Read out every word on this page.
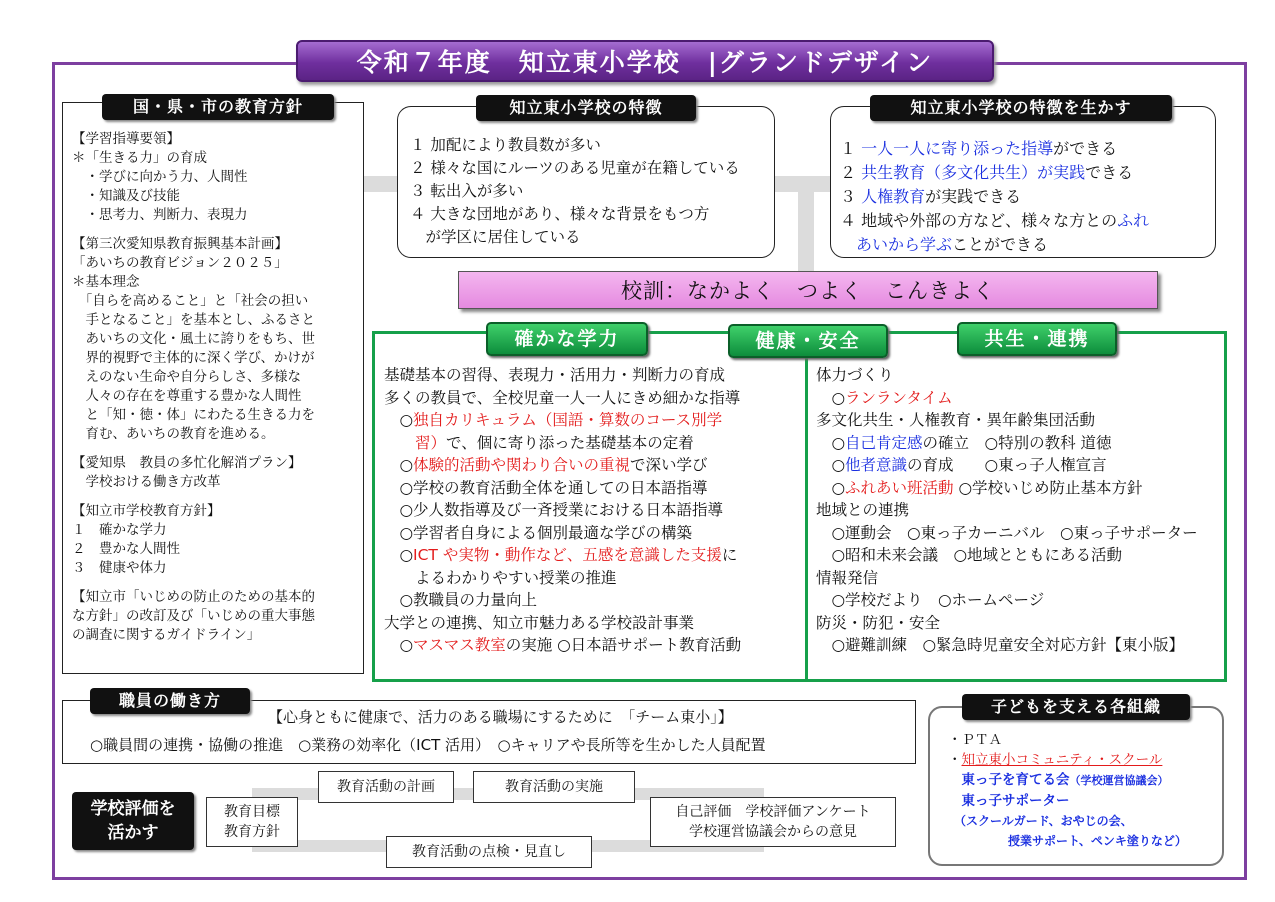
令和７年度　知立東小学校　|グランドデザイン
国・県・市の教育方針
【学習指導要領】
＊「生きる力」の育成
　・学びに向かう力、人間性
　・知識及び技能
　・思考力、判断力、表現力
【第三次愛知県教育振興基本計画】
「あいちの教育ビジョン２０２５」
＊基本理念
　「自らを高めること」と「社会の担い
　手となること」を基本とし、ふるさと
　あいちの文化・風土に誇りをもち、世
　界的視野で主体的に深く学び、かけが
　えのない生命や自分らしさ、多様な
　人々の存在を尊重する豊かな人間性
　と「知・徳・体」にわたる生きる力を
　育む、あいちの教育を進める。
【愛知県　教員の多忙化解消プラン】
　学校おける働き方改革
【知立市学校教育方針】
１　確かな学力
２　豊かな人間性
３　健康や体力
【知立市「いじめの防止のための基本的
な方針」の改訂及び「いじめの重大事態
の調査に関するガイドライン」
知立東小学校の特徴
１ 加配により教員数が多い
２ 様々な国にルーツのある児童が在籍している
３ 転出入が多い
４ 大きな団地があり、様々な背景をもつ方
　が学区に居住している
知立東小学校の特徴を生かす
１ 一人一人に寄り添った指導ができる
２ 共生教育（多文化共生）が実践できる
３ 人権教育が実践できる
４ 地域や外部の方など、様々な方とのふれ
　あいから学ぶことができる
校訓：なかよく　つよく　こんきよく
確かな学力	健康・安全	共生・連携
基礎基本の習得、表現力・活用力・判断力の育成
多くの教員で、全校児童一人一人にきめ細かな指導
　○独自カリキュラム（国語・算数のコース別学
　　習）で、個に寄り添った基礎基本の定着
　○体験的活動や関わり合いの重視で深い学び
　○学校の教育活動全体を通しての日本語指導
　○少人数指導及び一斉授業における日本語指導
　○学習者自身による個別最適な学びの構築
　○ICT や実物・動作など、五感を意識した支援に
　　よるわかりやすい授業の推進
　○教職員の力量向上
大学との連携、知立市魅力ある学校設計事業
　○マスマス教室の実施 ○日本語サポート教育活動
体力づくり
　○ランランタイム
多文化共生・人権教育・異年齢集団活動
　○自己肯定感の確立　○特別の教科 道徳
　○他者意識の育成　　○東っ子人権宣言
　○ふれあい班活動 ○学校いじめ防止基本方針
地域との連携
　○運動会　○東っ子カーニバル　○東っ子サポーター
　○昭和未来会議　○地域とともにある活動
情報発信
　○学校だより　○ホームページ
防災・防犯・安全
　○避難訓練　○緊急時児童安全対応方針【東小版】
職員の働き方
【心身ともに健康で、活力のある職場にするために　「チーム東小」】
○職員間の連携・協働の推進　○業務の効率化（ICT 活用）　○キャリアや長所等を生かした人員配置
学校評価を
活かす
教育目標
教育方針
教育活動の計画	教育活動の実施
自己評価　学校評価アンケート
学校運営協議会からの意見
教育活動の点検・見直し
子どもを支える各組織
・ＰＴＡ
・知立東小コミュニティ・スクール
　東っ子を育てる会（学校運営協議会）
　東っ子サポーター
　（スクールガード、おやじの会、
　　　　　授業サポート、ペンキ塗りなど）
